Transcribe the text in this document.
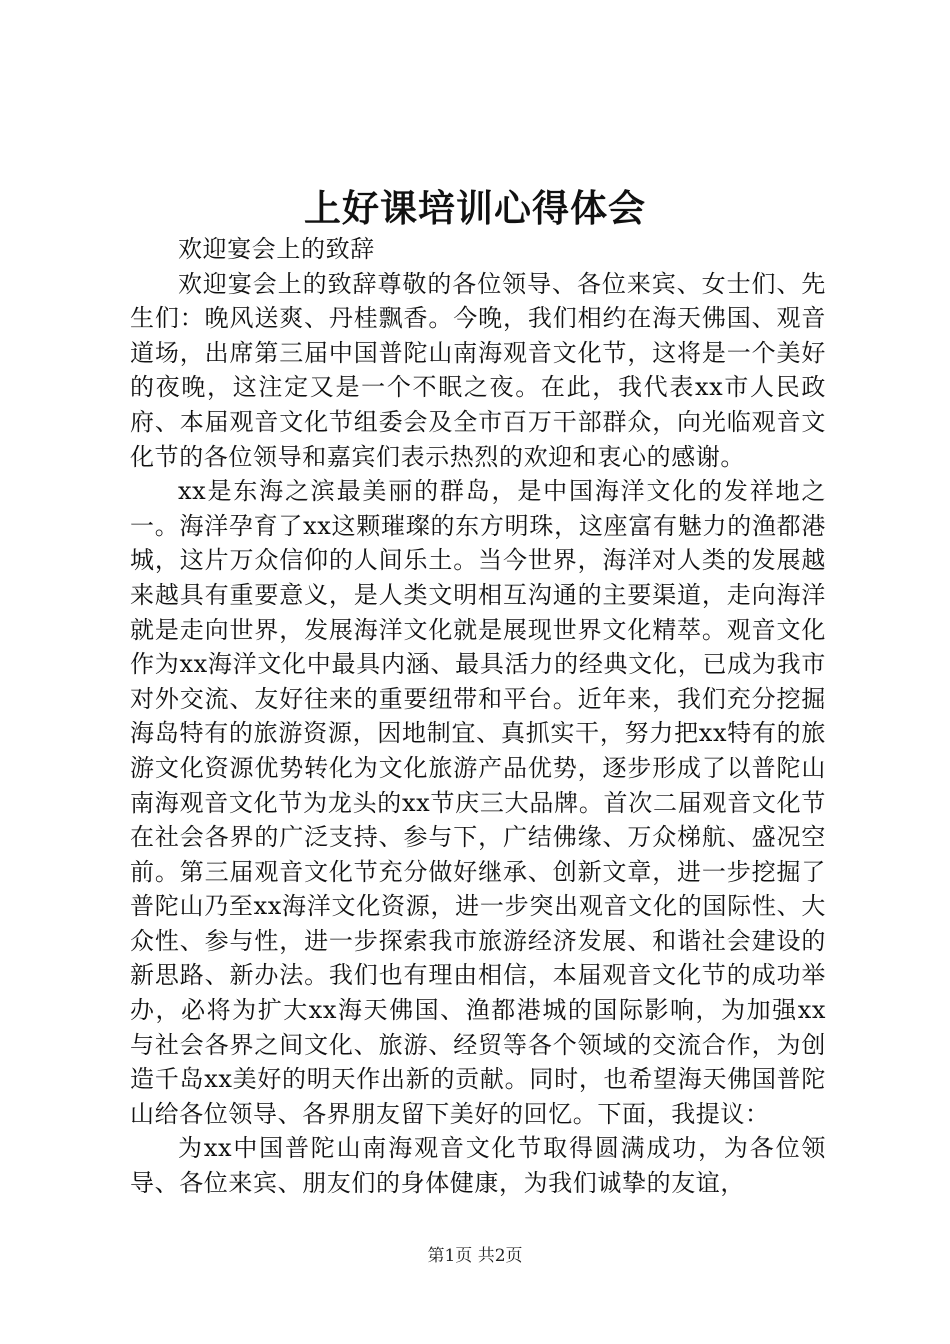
上好课培训心得体会

欢迎宴会上的致辞

欢迎宴会上的致辞尊敬的各位领导、各位来宾、女士们、先生们：晚风送爽、丹桂飘香。今晚，我们相约在海天佛国、观音道场，出席第三届中国普陀山南海观音文化节，这将是一个美好的夜晚，这注定又是一个不眠之夜。在此，我代表xx市人民政府、本届观音文化节组委会及全市百万干部群众，向光临观音文化节的各位领导和嘉宾们表示热烈的欢迎和衷心的感谢。

xx是东海之滨最美丽的群岛，是中国海洋文化的发祥地之一。海洋孕育了xx这颗璀璨的东方明珠，这座富有魅力的渔都港城，这片万众信仰的人间乐土。当今世界，海洋对人类的发展越来越具有重要意义，是人类文明相互沟通的主要渠道，走向海洋就是走向世界，发展海洋文化就是展现世界文化精萃。观音文化作为xx海洋文化中最具内涵、最具活力的经典文化，已成为我市对外交流、友好往来的重要纽带和平台。近年来，我们充分挖掘海岛特有的旅游资源，因地制宜、真抓实干，努力把xx特有的旅游文化资源优势转化为文化旅游产品优势，逐步形成了以普陀山南海观音文化节为龙头的xx节庆三大品牌。首次二届观音文化节在社会各界的广泛支持、参与下，广结佛缘、万众梯航、盛况空前。第三届观音文化节充分做好继承、创新文章，进一步挖掘了普陀山乃至xx海洋文化资源，进一步突出观音文化的国际性、大众性、参与性，进一步探索我市旅游经济发展、和谐社会建设的新思路、新办法。我们也有理由相信，本届观音文化节的成功举办，必将为扩大xx海天佛国、渔都港城的国际影响，为加强xx与社会各界之间文化、旅游、经贸等各个领域的交流合作，为创造千岛xx美好的明天作出新的贡献。同时，也希望海天佛国普陀山给各位领导、各界朋友留下美好的回忆。下面，我提议：

为xx中国普陀山南海观音文化节取得圆满成功，为各位领导、各位来宾、朋友们的身体健康，为我们诚挚的友谊，

第1页 共2页
